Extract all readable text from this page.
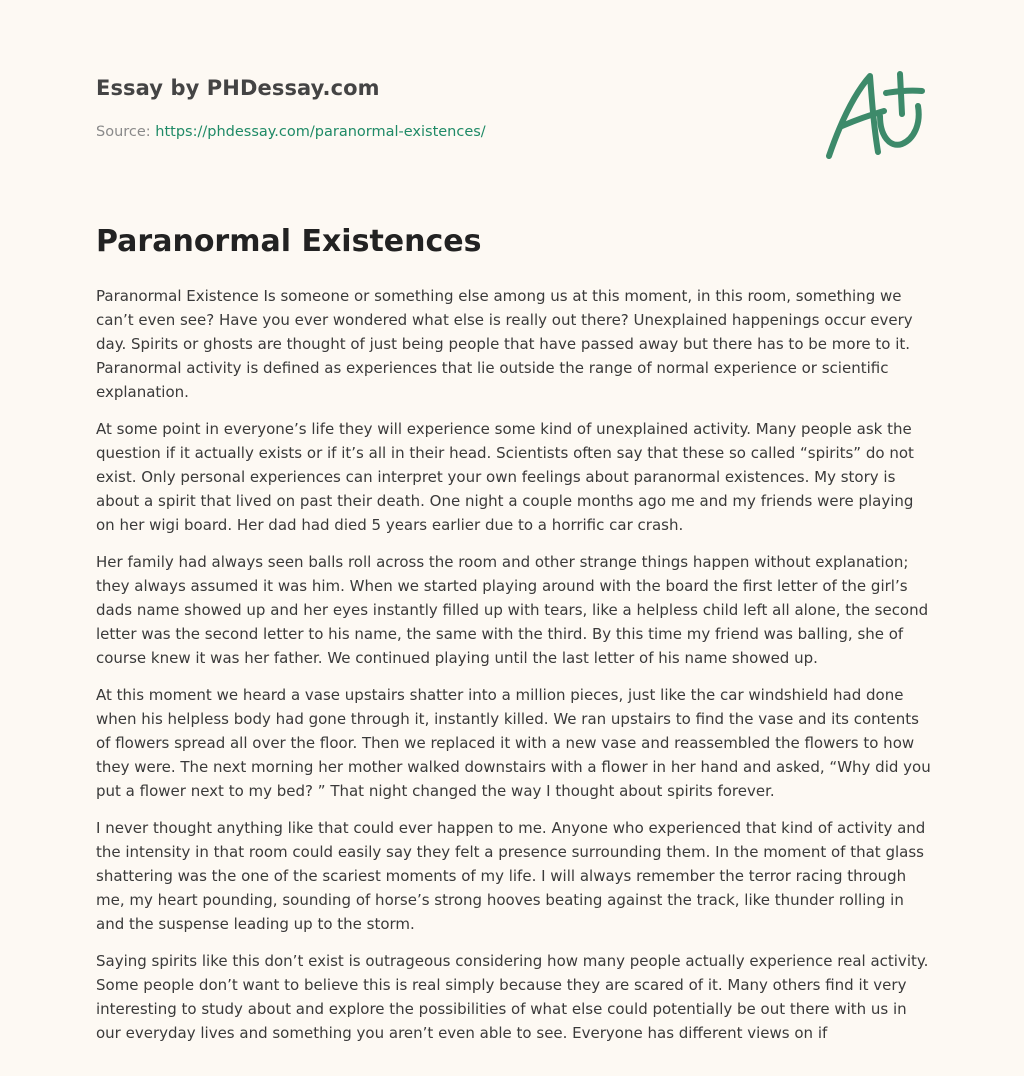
Essay by PHDessay.com

Source: https://phdessay.com/paranormal-existences/

Paranormal Existences

Paranormal Existence Is someone or something else among us at this moment, in this room, something we can’t even see? Have you ever wondered what else is really out there? Unexplained happenings occur every day. Spirits or ghosts are thought of just being people that have passed away but there has to be more to it. Paranormal activity is defined as experiences that lie outside the range of normal experience or scientific explanation.

At some point in everyone’s life they will experience some kind of unexplained activity. Many people ask the question if it actually exists or if it’s all in their head. Scientists often say that these so called “spirits” do not exist. Only personal experiences can interpret your own feelings about paranormal existences. My story is about a spirit that lived on past their death. One night a couple months ago me and my friends were playing on her wigi board. Her dad had died 5 years earlier due to a horrific car crash.

Her family had always seen balls roll across the room and other strange things happen without explanation; they always assumed it was him. When we started playing around with the board the first letter of the girl’s dads name showed up and her eyes instantly filled up with tears, like a helpless child left all alone, the second letter was the second letter to his name, the same with the third. By this time my friend was balling, she of course knew it was her father. We continued playing until the last letter of his name showed up.

At this moment we heard a vase upstairs shatter into a million pieces, just like the car windshield had done when his helpless body had gone through it, instantly killed. We ran upstairs to find the vase and its contents of flowers spread all over the floor. Then we replaced it with a new vase and reassembled the flowers to how they were. The next morning her mother walked downstairs with a flower in her hand and asked, “Why did you put a flower next to my bed? ” That night changed the way I thought about spirits forever.

I never thought anything like that could ever happen to me. Anyone who experienced that kind of activity and the intensity in that room could easily say they felt a presence surrounding them. In the moment of that glass shattering was the one of the scariest moments of my life. I will always remember the terror racing through me, my heart pounding, sounding of horse’s strong hooves beating against the track, like thunder rolling in and the suspense leading up to the storm.

Saying spirits like this don’t exist is outrageous considering how many people actually experience real activity. Some people don’t want to believe this is real simply because they are scared of it. Many others find it very interesting to study about and explore the possibilities of what else could potentially be out there with us in our everyday lives and something you aren’t even able to see. Everyone has different views on if
